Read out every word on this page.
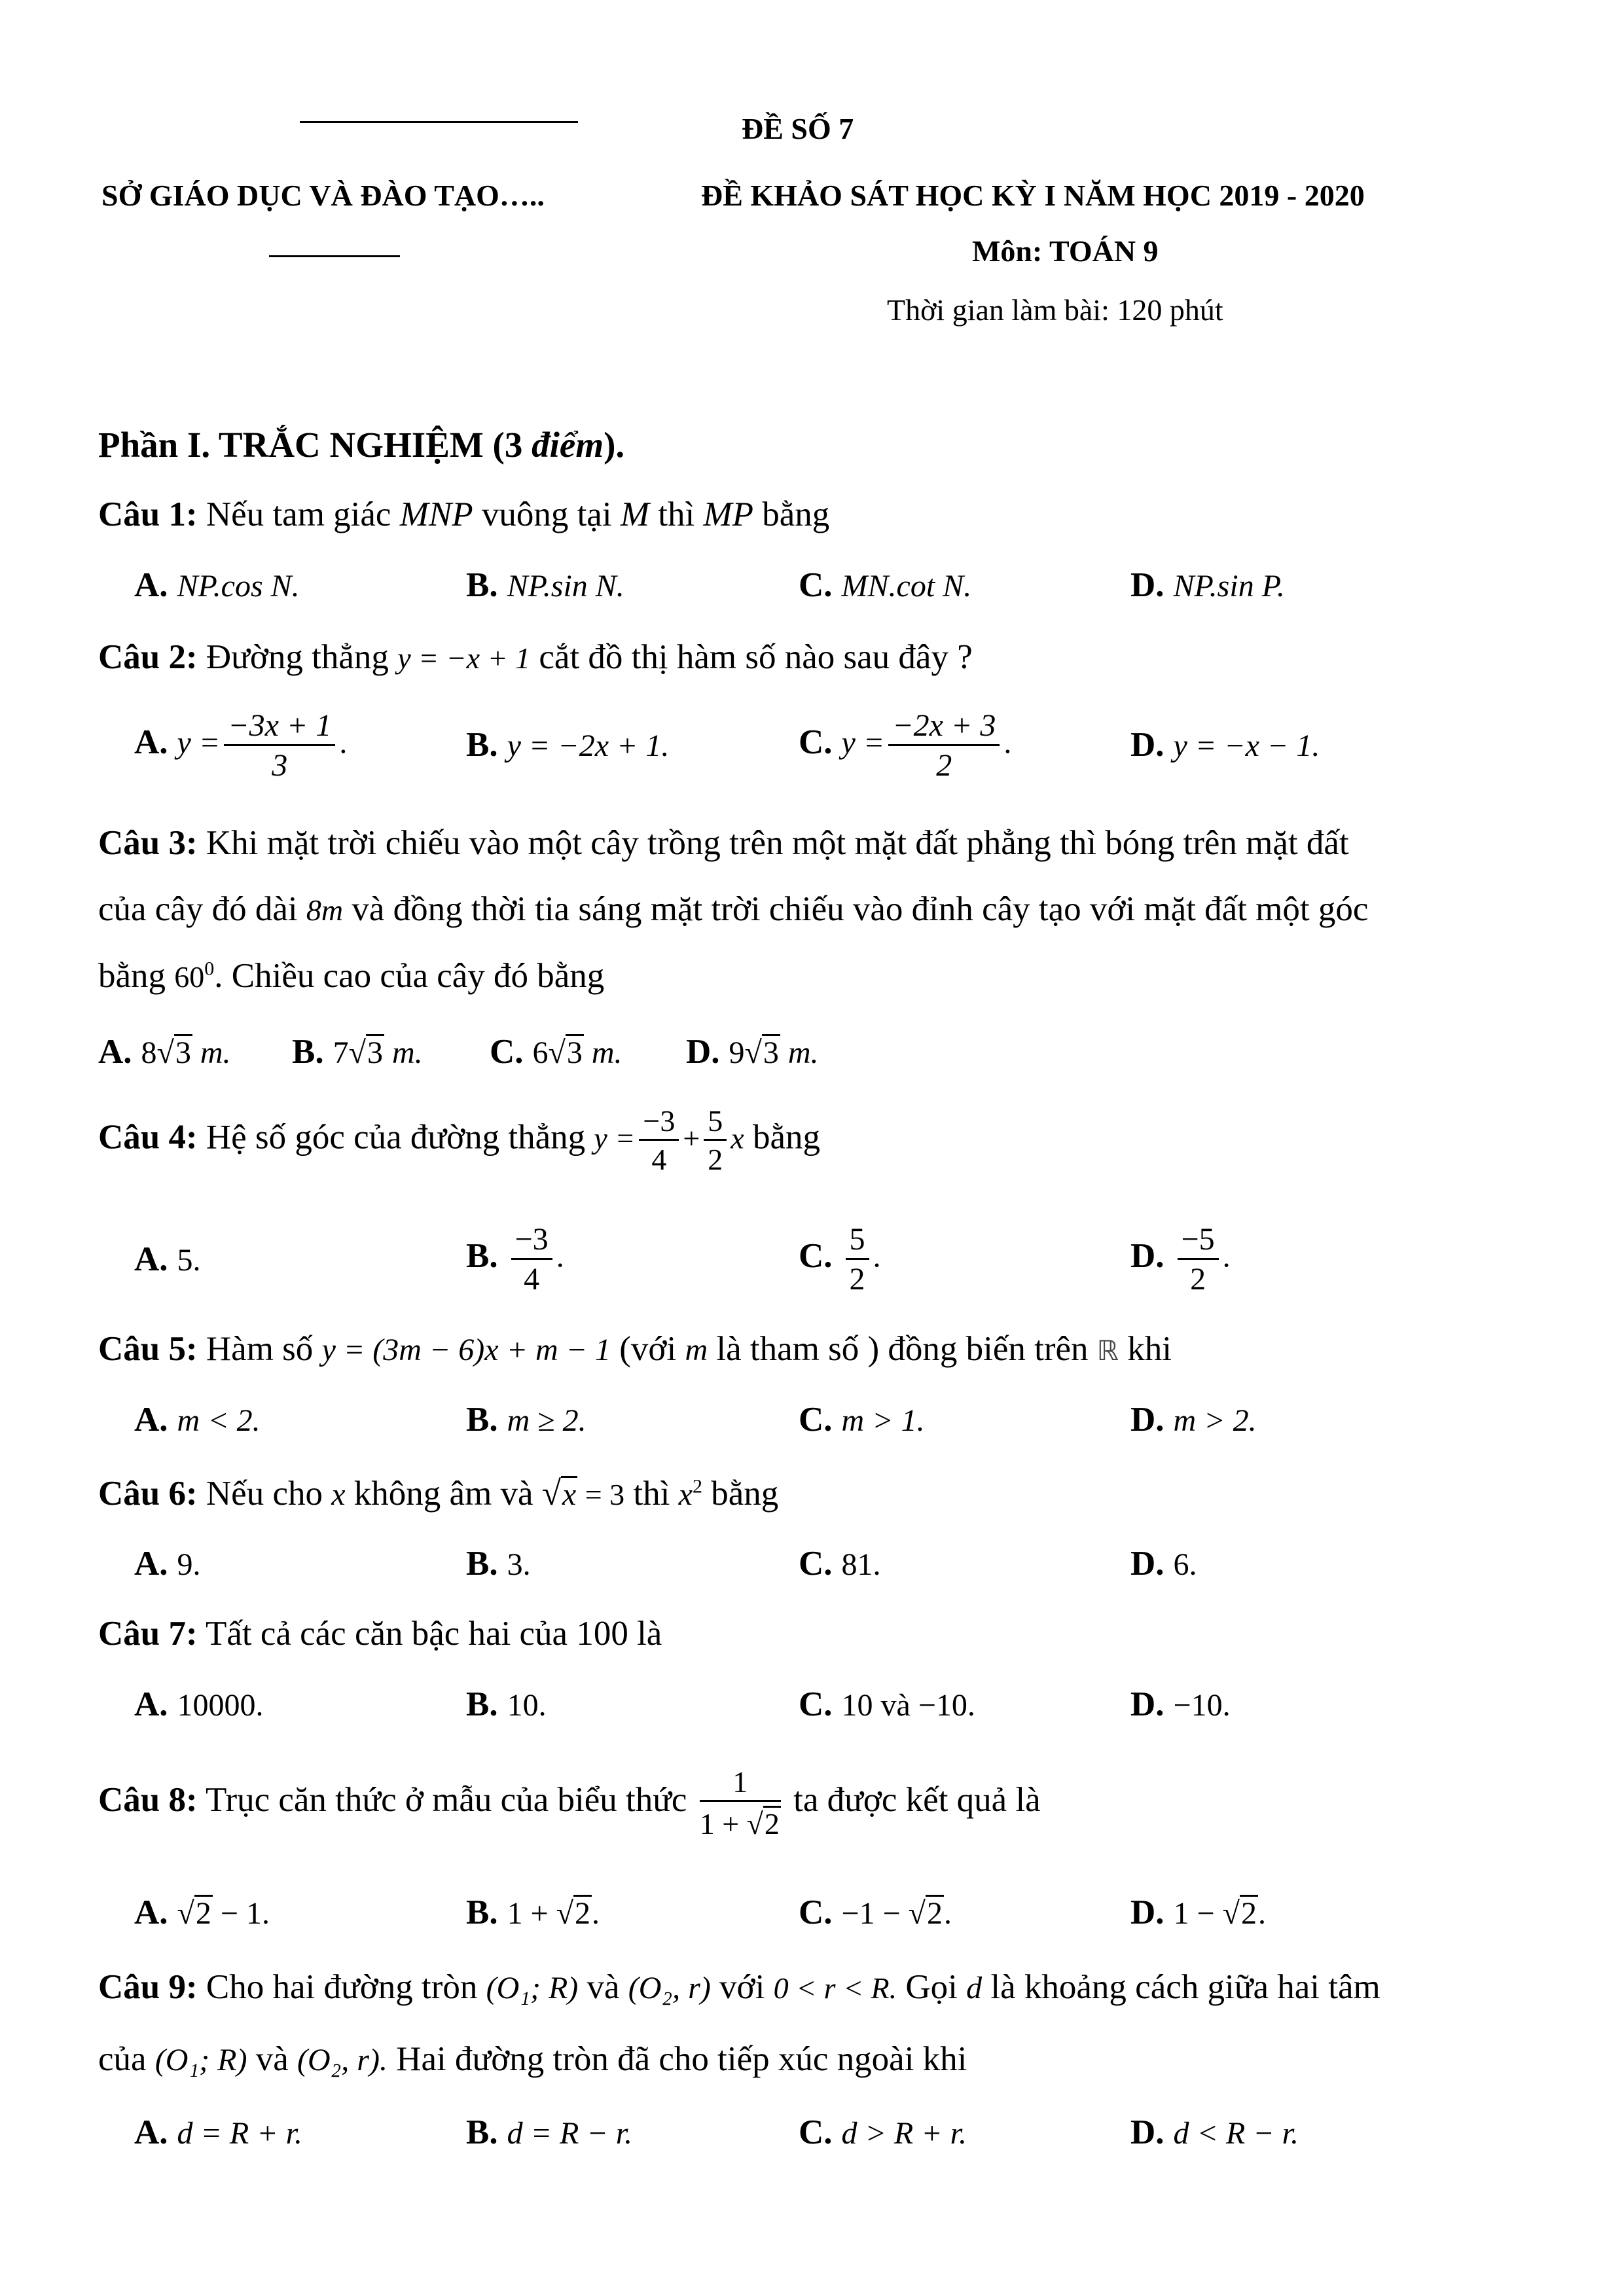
ĐỀ SỐ 7
SỞ GIÁO DỤC VÀ ĐÀO TẠO…..	ĐỀ KHẢO SÁT HỌC KỲ I NĂM HỌC 2019 - 2020
Môn: TOÁN 9
Thời gian làm bài: 120 phút
Phần I. TRẮC NGHIỆM (3 điểm).
Câu 1: Nếu tam giác MNP vuông tại M thì MP bằng
A. NP.cos N.	B. NP.sin N.	C. MN.cot N.	D. NP.sin P.
Câu 2: Đường thẳng y = −x + 1 cắt đồ thị hàm số nào sau đây ?
A. $y = \frac{-3x + 1}{3}$ .	B. y = −2x + 1.	C. $y = \frac{-2x + 3}{2}$ .	D. y = −x − 1.
Câu 3: Khi mặt trời chiếu vào một cây trồng trên một mặt đất phẳng thì bóng trên mặt đất
của cây đó dài 8m và đồng thời tia sáng mặt trời chiếu vào đỉnh cây tạo với mặt đất một góc
bằng $60^0$. Chiều cao của cây đó bằng
A. 8√3 m. B. 7√3 m. C. 6√3 m. D. 9√3 m.
Câu 4: Hệ số góc của đường thẳng $y = \frac{-3}{4} + \frac{5}{2}$ x bằng
A. 5.	B. $\frac{-3}{4}$ .	C. $\frac{5}{2}$ .	D. $\frac{-5}{2}$ .
Câu 5: Hàm số y = (3m − 6)x + m − 1 (với m là tham số ) đồng biến trên ℝ khi
A. m < 2.	B. m ≥ 2.	C. m > 1.	D. m > 2.
Câu 6: Nếu cho x không âm và √x = 3 thì $x^2$ bằng
A. 9.	B. 3.	C. 81.	D. 6.
Câu 7: Tất cả các căn bậc hai của 100 là
A. 10000.	B. 10.	C. 10 và −10.	D. −10.
Câu 8: Trục căn thức ở mẫu của biểu thức $\frac{1}{1 + √2}$ ta được kết quả là
A. √2 − 1.	B. 1 + √2.	C. −1 − √2.	D. 1 − √2.
Câu 9: Cho hai đường tròn (O₁; R) và (O₂, r) với 0 < r < R. Gọi d là khoảng cách giữa hai tâm
của (O₁; R) và (O₂, r). Hai đường tròn đã cho tiếp xúc ngoài khi
A. d = R + r.	B. d = R − r.	C. d > R + r.	D. d < R − r.
